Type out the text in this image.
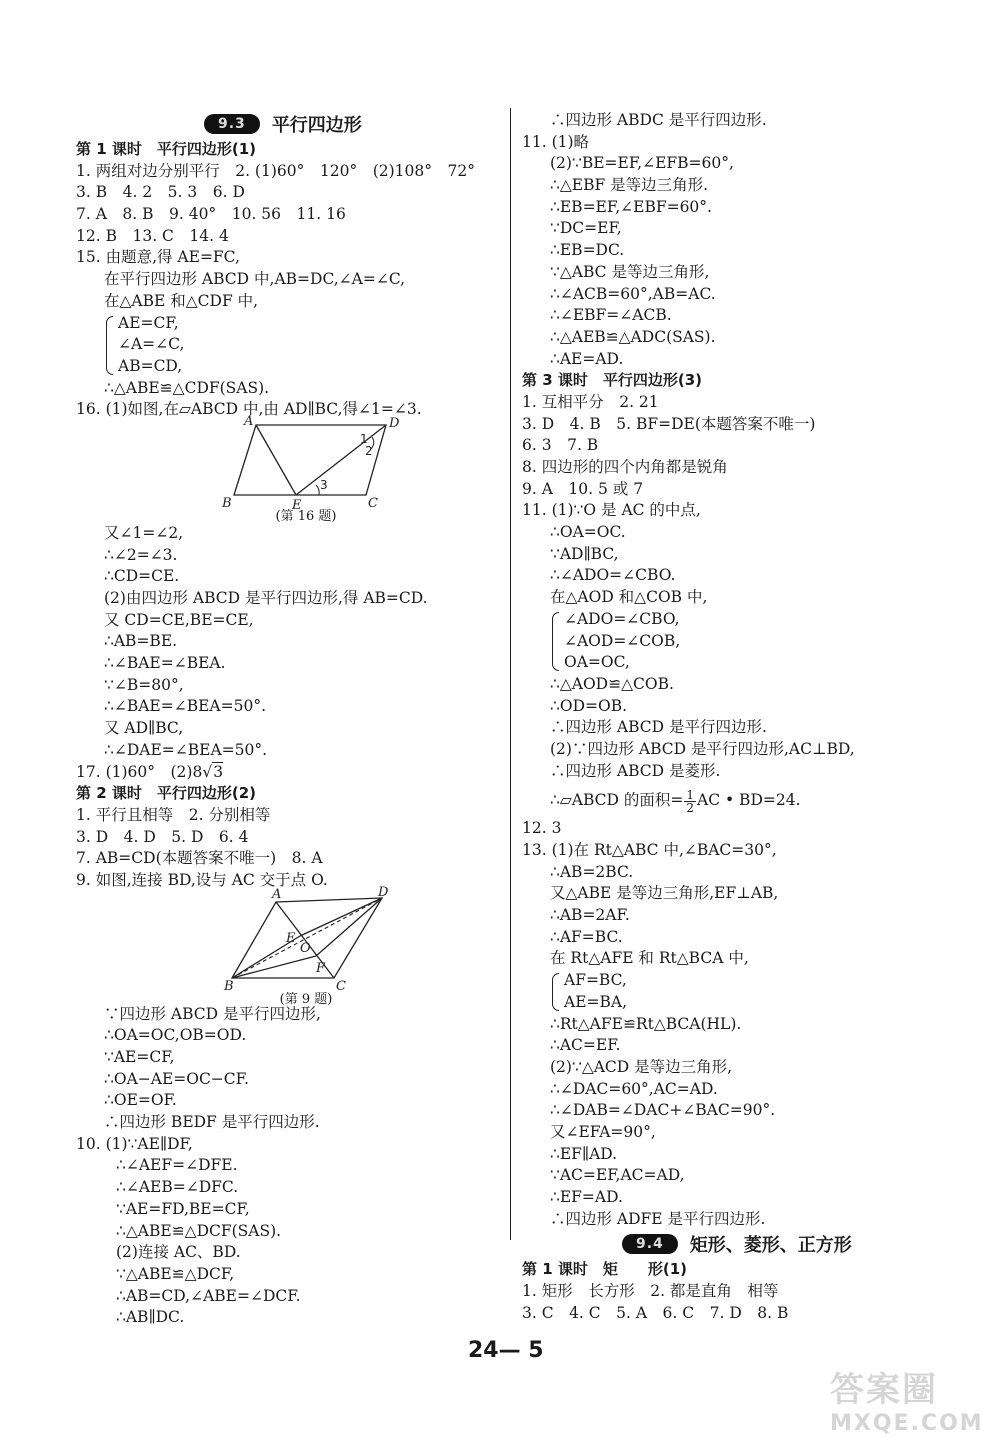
9.3	平行四边形
第 1 课时　平行四边形(1)
1. 两组对边分别平行　2. (1)60°　120°　(2)108°　72°
3. B　4. 2　5. 3　6. D
7. A　8. B　9. 40°　10. 56　11. 16
12. B　13. C　14. 4
15. 由题意,得 AE=FC,
在平行四边形 ABCD 中,AB=DC,∠A=∠C,
在△ABE 和△CDF 中,
AE=CF,
∠A=∠C,
AB=CD,
∴△ABE≌△CDF(SAS).
16. (1)如图,在▱ABCD 中,由 AD∥BC,得∠1=∠3.
A	D
B	E	C
1
2
3
(第 16 题)
又∠1=∠2,
∴∠2=∠3.
∴CD=CE.
(2)由四边形 ABCD 是平行四边形,得 AB=CD.
又 CD=CE,BE=CE,
∴AB=BE.
∴∠BAE=∠BEA.
∵∠B=80°,
∴∠BAE=∠BEA=50°.
又 AD∥BC,
∴∠DAE=∠BEA=50°.
17. (1)60°　(2)8√3
第 2 课时　平行四边形(2)
1. 平行且相等　2. 分别相等
3. D　4. D　5. D　6. 4
7. AB=CD(本题答案不唯一)　8. A
9. 如图,连接 BD,设与 AC 交于点 O.
A	D
E
O
F
B	C
(第 9 题)
∵四边形 ABCD 是平行四边形,
∴OA=OC,OB=OD.
∵AE=CF,
∴OA−AE=OC−CF.
∴OE=OF.
∴四边形 BEDF 是平行四边形.
10. (1)∵AE∥DF,
∴∠AEF=∠DFE.
∴∠AEB=∠DFC.
∵AE=FD,BE=CF,
∴△ABE≌△DCF(SAS).
(2)连接 AC、BD.
∵△ABE≌△DCF,
∴AB=CD,∠ABE=∠DCF.
∴AB∥DC.
∴四边形 ABDC 是平行四边形.
11. (1)略
(2)∵BE=EF,∠EFB=60°,
∴△EBF 是等边三角形.
∴EB=EF,∠EBF=60°.
∵DC=EF,
∴EB=DC.
∵△ABC 是等边三角形,
∴∠ACB=60°,AB=AC.
∴∠EBF=∠ACB.
∴△AEB≌△ADC(SAS).
∴AE=AD.
第 3 课时　平行四边形(3)
1. 互相平分　2. 21
3. D　4. B　5. BF=DE(本题答案不唯一)
6. 3　7. B
8. 四边形的四个内角都是锐角
9. A　10. 5 或 7
11. (1)∵O 是 AC 的中点,
∴OA=OC.
∵AD∥BC,
∴∠ADO=∠CBO.
在△AOD 和△COB 中,
∠ADO=∠CBO,
∠AOD=∠COB,
OA=OC,
∴△AOD≌△COB.
∴OD=OB.
∴四边形 ABCD 是平行四边形.
(2)∵四边形 ABCD 是平行四边形,AC⊥BD,
∴四边形 ABCD 是菱形.
∴▱ABCD 的面积= $\frac{1}{2}$ AC • BD=24.
12. 3
13. (1)在 Rt△ABC 中,∠BAC=30°,
∴AB=2BC.
又△ABE 是等边三角形,EF⊥AB,
∴AB=2AF.
∴AF=BC.
在 Rt△AFE 和 Rt△BCA 中,
AF=BC,
AE=BA,
∴Rt△AFE≌Rt△BCA(HL).
∴AC=EF.
(2)∵△ACD 是等边三角形,
∴∠DAC=60°,AC=AD.
∴∠DAB=∠DAC+∠BAC=90°.
又∠EFA=90°,
∴EF∥AD.
∵AC=EF,AC=AD,
∴EF=AD.
∴四边形 ADFE 是平行四边形.
9.4	矩形、菱形、正方形
第 1 课时　矩　　形(1)
1. 矩形　长方形　2. 都是直角　相等
3. C　4. C　5. A　6. C　7. D　8. B
24— 5
答案圈
MXQE.COM
